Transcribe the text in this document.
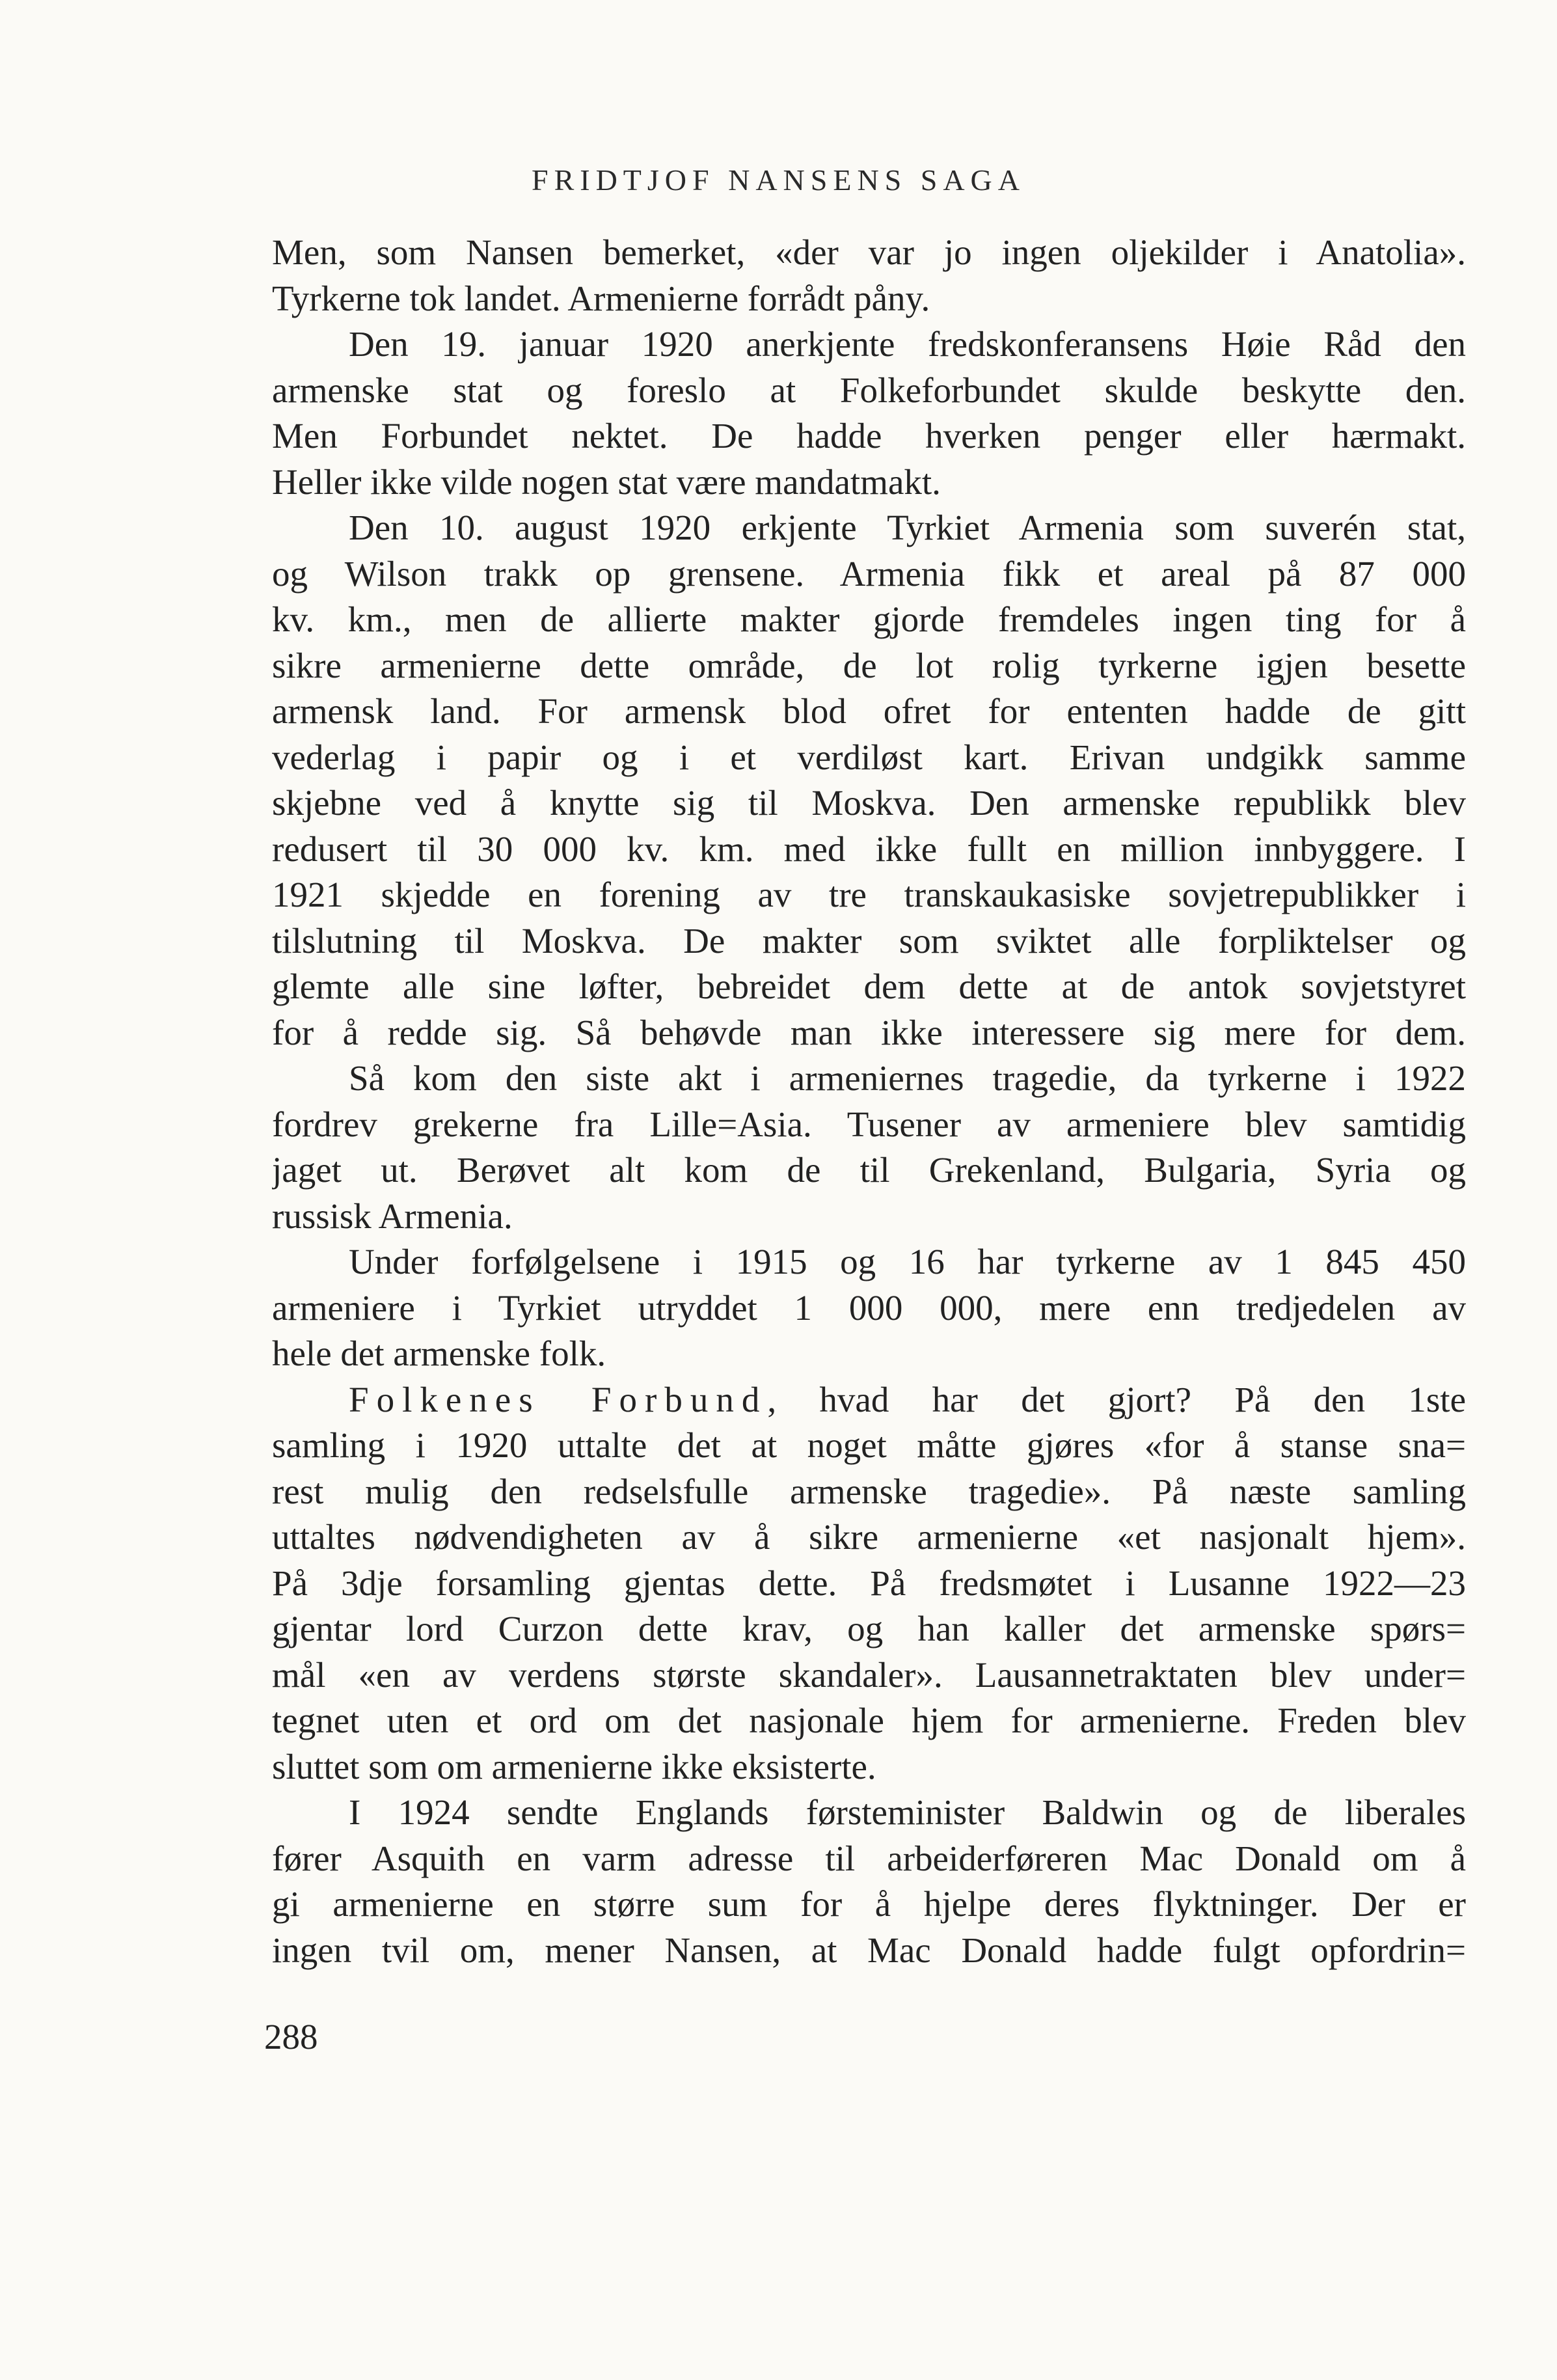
FRIDTJOF NANSENS SAGA
Men, som Nansen bemerket, «der var jo ingen oljekilder i Anatolia».
Tyrkerne tok landet. Armenierne forrådt påny.
Den 19. januar 1920 anerkjente fredskonferansens Høie Råd den
armenske stat og foreslo at Folkeforbundet skulde beskytte den.
Men Forbundet nektet. De hadde hverken penger eller hærmakt.
Heller ikke vilde nogen stat være mandatmakt.
Den 10. august 1920 erkjente Tyrkiet Armenia som suverén stat,
og Wilson trakk op grensene. Armenia fikk et areal på 87 000
kv. km., men de allierte makter gjorde fremdeles ingen ting for å
sikre armenierne dette område, de lot rolig tyrkerne igjen besette
armensk land. For armensk blod ofret for ententen hadde de gitt
vederlag i papir og i et verdiløst kart. Erivan undgikk samme
skjebne ved å knytte sig til Moskva. Den armenske republikk blev
redusert til 30 000 kv. km. med ikke fullt en million innbyggere. I
1921 skjedde en forening av tre transkaukasiske sovjetrepublikker i
tilslutning til Moskva. De makter som sviktet alle forpliktelser og
glemte alle sine løfter, bebreidet dem dette at de antok sovjetstyret
for å redde sig. Så behøvde man ikke interessere sig mere for dem.
Så kom den siste akt i armeniernes tragedie, da tyrkerne i 1922
fordrev grekerne fra Lille=Asia. Tusener av armeniere blev samtidig
jaget ut. Berøvet alt kom de til Grekenland, Bulgaria, Syria og
russisk Armenia.
Under forfølgelsene i 1915 og 16 har tyrkerne av 1 845 450
armeniere i Tyrkiet utryddet 1 000 000, mere enn tredjedelen av
hele det armenske folk.
Folkenes Forbund, hvad har det gjort? På den 1ste
samling i 1920 uttalte det at noget måtte gjøres «for å stanse sna=
rest mulig den redselsfulle armenske tragedie». På næste samling
uttaltes nødvendigheten av å sikre armenierne «et nasjonalt hjem».
På 3dje forsamling gjentas dette. På fredsmøtet i Lusanne 1922—23
gjentar lord Curzon dette krav, og han kaller det armenske spørs=
mål «en av verdens største skandaler». Lausannetraktaten blev under=
tegnet uten et ord om det nasjonale hjem for armenierne. Freden blev
sluttet som om armenierne ikke eksisterte.
I 1924 sendte Englands førsteminister Baldwin og de liberales
fører Asquith en varm adresse til arbeiderføreren Mac Donald om å
gi armenierne en større sum for å hjelpe deres flyktninger. Der er
ingen tvil om, mener Nansen, at Mac Donald hadde fulgt opfordrin=
288
